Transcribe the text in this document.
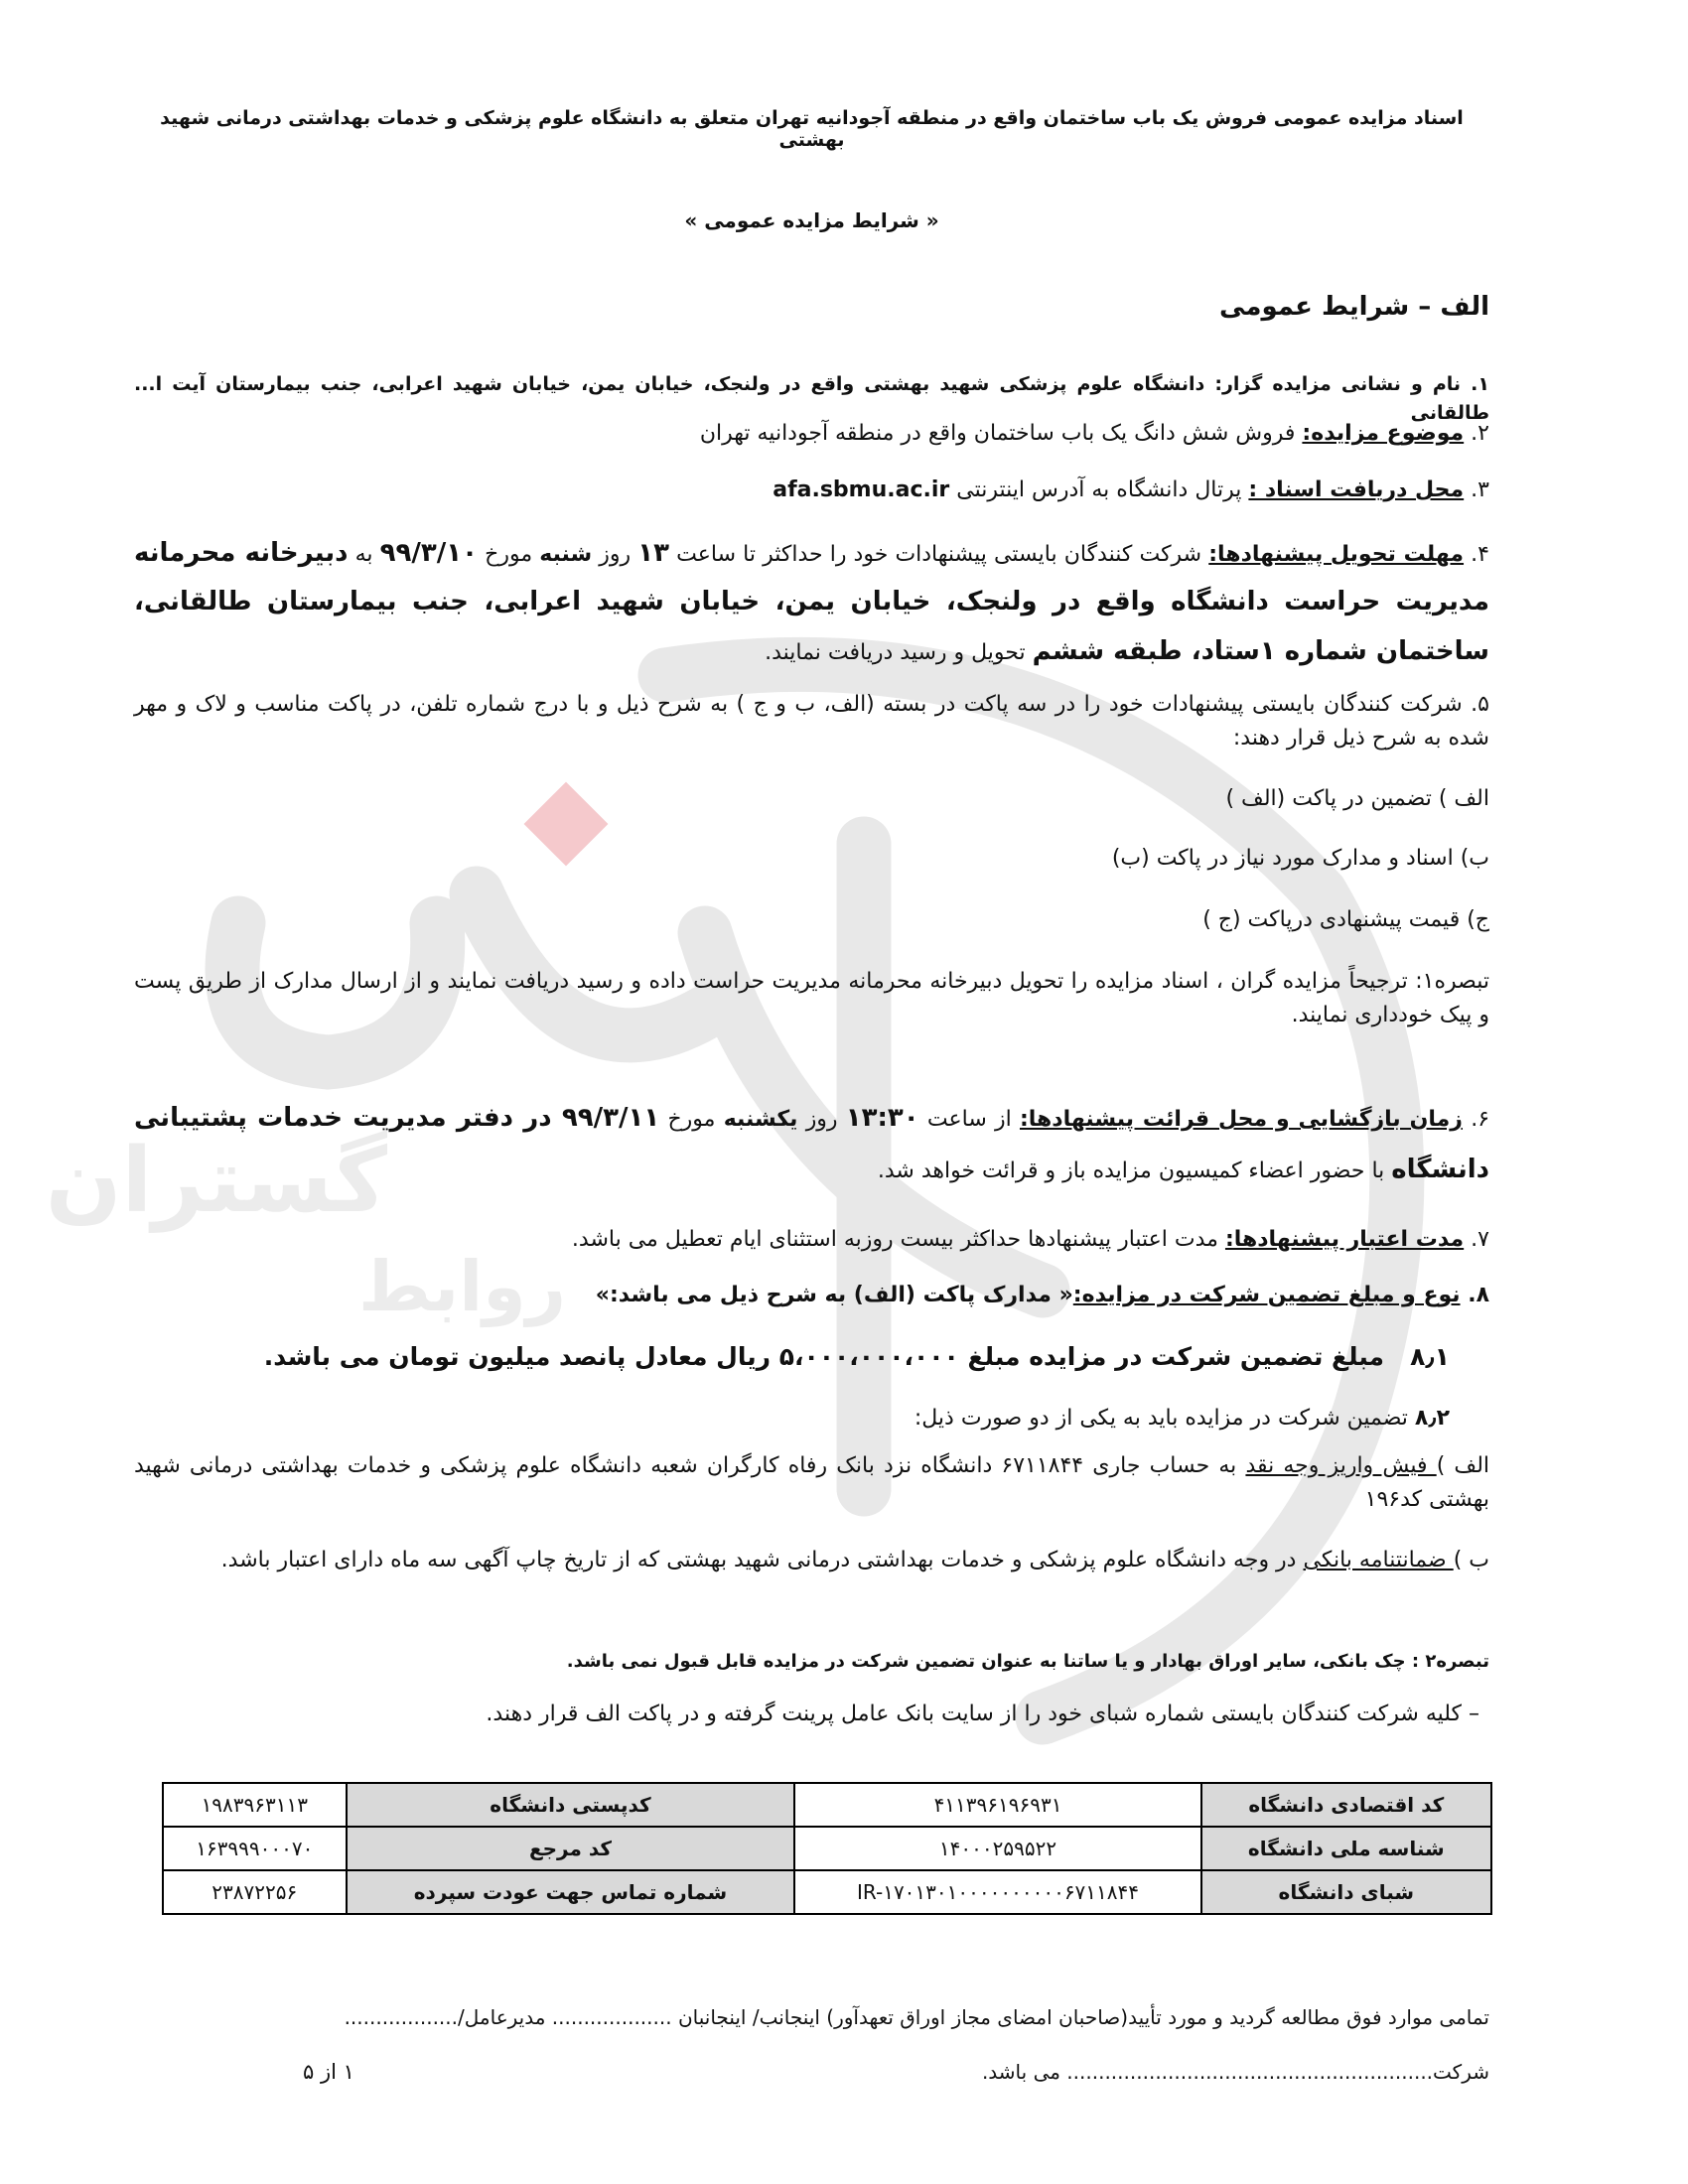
گستران
روابط
اسناد مزایده عمومی فروش یک باب ساختمان واقع در منطقه آجودانیه تهران متعلق به دانشگاه علوم پزشکی و خدمات بهداشتی درمانی شهید بهشتی
« شرایط مزایده عمومی »
الف – شرایط عمومی
۱. نام و نشانی مزایده گزار: دانشگاه علوم پزشکی شهید بهشتی واقع در ولنجک، خیابان یمن، خیابان شهید اعرابی، جنب بیمارستان آیت ا... طالقانی
۲. موضوع مزایده: فروش شش دانگ یک باب ساختمان واقع در منطقه آجودانیه تهران
۳. محل دریافت اسناد : پرتال دانشگاه به آدرس اینترنتی afa.sbmu.ac.ir
۴. مهلت تحویل پیشنهادها: شرکت کنندگان بایستی پیشنهادات خود را حداکثر تا ساعت ۱۳ روز شنبه مورخ ۹۹/۳/۱۰ به دبیرخانه محرمانه مدیریت حراست دانشگاه واقع در ولنجک، خیابان یمن، خیابان شهید اعرابی، جنب بیمارستان طالقانی، ساختمان شماره ۱ستاد، طبقه ششم تحویل و رسید دریافت نمایند.
۵. شرکت کنندگان بایستی پیشنهادات خود را در سه پاکت در بسته (الف، ب و ج ) به شرح ذیل و با درج شماره تلفن، در پاکت مناسب و لاک و مهر شده به شرح ذیل قرار دهند:
الف ) تضمین در پاکت (الف )
ب) اسناد و مدارک مورد نیاز در پاکت (ب)
ج) قیمت پیشنهادی درپاکت (ج )
تبصره۱: ترجیحاً مزایده گران ، اسناد مزایده را تحویل دبیرخانه محرمانه مدیریت حراست داده و رسید دریافت نمایند و از ارسال مدارک از طریق پست و پیک خودداری نمایند.
۶. زمان بازگشایی و محل قرائت پیشنهادها: از ساعت ۱۳:۳۰ روز یکشنبه مورخ ۹۹/۳/۱۱ در دفتر مدیریت خدمات پشتیبانی دانشگاه با حضور اعضاء کمیسیون مزایده باز و قرائت خواهد شد.
۷. مدت اعتبار پیشنهادها: مدت اعتبار پیشنهادها حداکثر بیست روزبه استثنای ایام تعطیل می باشد.
۸. نوع و مبلغ تضمین شرکت در مزایده:« مدارک پاکت (الف) به شرح ذیل می باشد:»
۸٫۱   مبلغ تضمین شرکت در مزایده مبلغ ۵،۰۰۰،۰۰۰،۰۰۰ ریال معادل پانصد میلیون تومان می باشد.
۸٫۲ تضمین شرکت در مزایده باید به یکی از دو صورت ذیل:
الف ) فیش واریز وجه نقد به حساب جاری ۶۷۱۱۸۴۴ دانشگاه نزد بانک رفاه کارگران شعبه دانشگاه علوم پزشکی و خدمات بهداشتی درمانی شهید بهشتی کد۱۹۶
ب ) ضمانتنامه بانکی در وجه دانشگاه علوم پزشکی و خدمات بهداشتی درمانی شهید بهشتی که از تاریخ چاپ آگهی سه ماه دارای اعتبار باشد.
تبصره۲ : چک بانکی، سایر اوراق بهادار و یا ساتنا به عنوان تضمین شرکت در مزایده قابل قبول نمی باشد.
– کلیه شرکت کنندگان بایستی شماره شبای خود را از سایت بانک عامل پرینت گرفته و در پاکت الف قرار دهند.
کد اقتصادی دانشگاه	۴۱۱۳۹۶۱۹۶۹۳۱	کدپستی دانشگاه	۱۹۸۳۹۶۳۱۱۳
شناسه ملی دانشگاه	۱۴۰۰۰۲۵۹۵۲۲	کد مرجع	۱۶۳۹۹۹۰۰۰۷۰
شبای دانشگاه	IR-۱۷۰۱۳۰۱۰۰۰۰۰۰۰۰۰۰۶۷۱۱۸۴۴	شماره تماس جهت عودت سپرده	۲۳۸۷۲۲۵۶
تمامی موارد فوق مطالعه گردید و مورد تأیید(صاحبان امضای مجاز اوراق تعهدآور) اینجانب/ اینجانبان ................... مدیرعامل/..................
شرکت.......................................................... می باشد.
۱ از ۵
